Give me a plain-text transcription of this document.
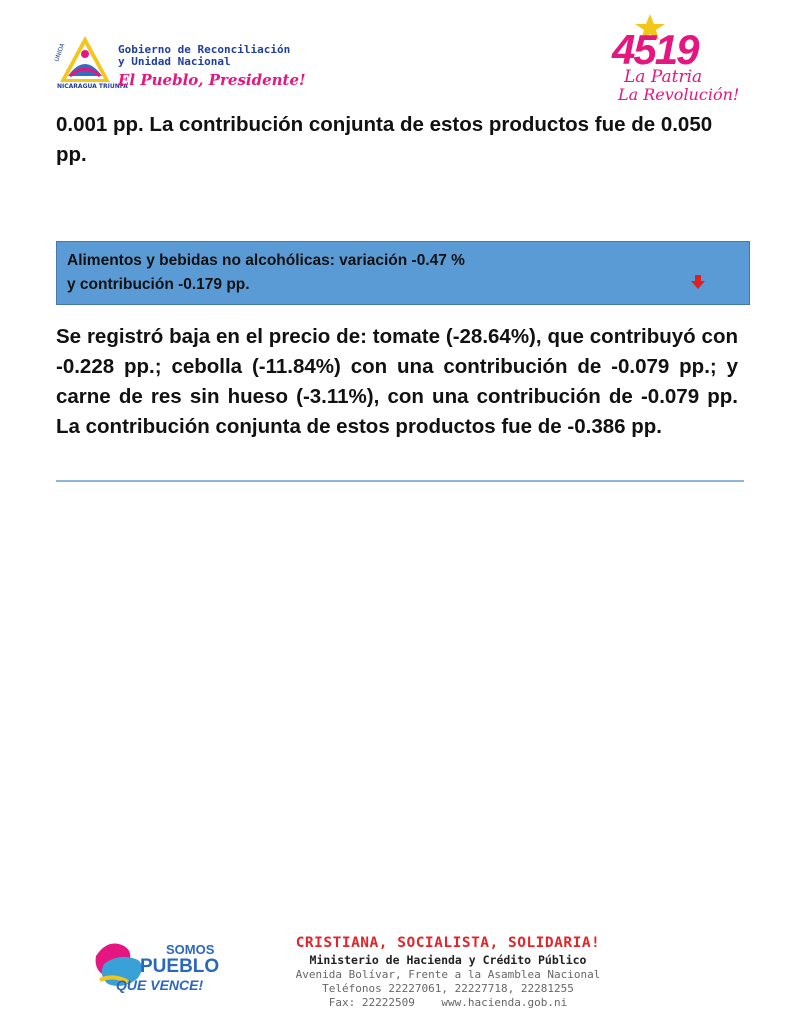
UNIDA
NICARAGUA TRIUNFA
Gobierno de Reconciliación
y Unidad Nacional
El Pueblo, Presidente!
4519
La Patria
La Revolución!

0.001 pp. La contribución conjunta de estos productos fue de 0.050 pp.

Alimentos y bebidas no alcohólicas: variación -0.47 %
y contribución -0.179 pp.

Se registró baja en el precio de: tomate (-28.64%), que contribuyó con -0.228 pp.; cebolla (-11.84%) con una contribución de -0.079 pp.; y carne de res sin hueso (-3.11%), con una contribución de -0.079 pp. La contribución conjunta de estos productos fue de -0.386 pp.

SOMOS
PUEBLO
QUE VENCE!
CRISTIANA, SOCIALISTA, SOLIDARIA!
Ministerio de Hacienda y Crédito Público
Avenida Bolívar, Frente a la Asamblea Nacional
Teléfonos 22227061, 22227718, 22281255
Fax: 22222509 www.hacienda.gob.ni
